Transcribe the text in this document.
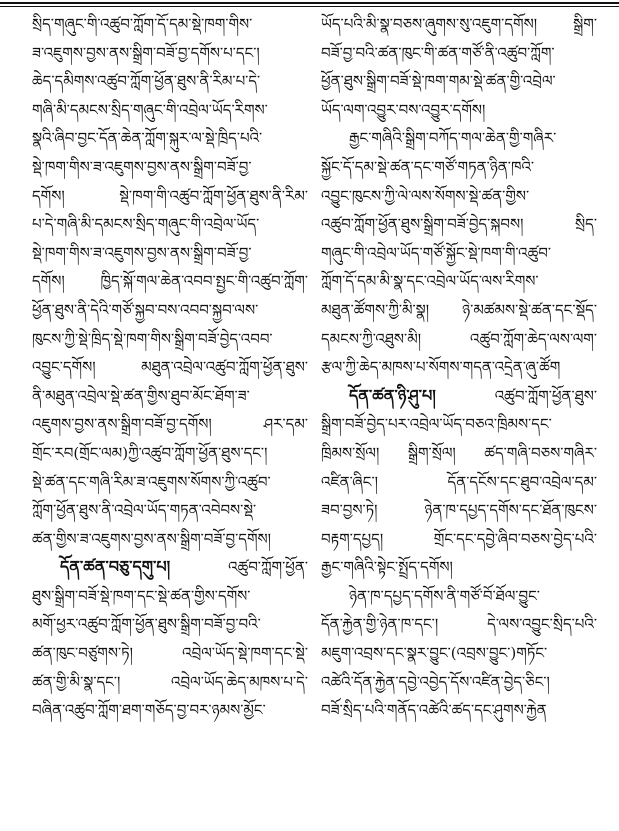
སྲིད་གཞུང་གི་འཚུབ་ཀློག་དོ་དམ་སྡེ་ཁག་གིས་
ཟ་འཇུགས་བྱས་ནས་སྒྲིག་བཟོ་བྱ་དགོས་པ་དང་།
ཆེད་དམིགས་འཚུབ་ཀློག་ཕྱོན་ཐུས་ནི་རིམ་པ་དེ་
གཞི་མི་དམངས་སྲིད་གཞུང་གི་འབྲེལ་ཡོད་རིགས་
སྣའི་ཞིབ་བྱང་དོན་ཆེན་ཀློག་སྐུར་ལ་སྡེ་ཁྲིད་པའི་
སྡེ་ཁག་གིས་ཟ་འཇུགས་བྱས་ནས་སྒྲིག་བཟོ་བྱ་
དགོས། སྡེ་ཁག་གི་འཚུབ་ཀློག་ཕྱོན་ཐུས་ནི་རིམ་
པ་དེ་གཞི་མི་དམངས་སྲིད་གཞུང་གི་འབྲེལ་ཡོད་
སྡེ་ཁག་གིས་ཟ་འཇུགས་བྱས་ནས་སྒྲིག་བཟོ་བྱ་
དགོས། ཁྱིད་སྐོ་གལ་ཆེན་འབབ་སྤྱང་གི་འཚུབ་ཀློག་
ཕྱོན་ཐུས་ནི་དེའི་གཙོ་སྐྱབ་བས་འབབ་སྐྱབ་ལས་
ཁུངས་ཀྱི་སྡེ་ཁྲིད་སྡེ་ཁག་གིས་སྒྲིག་བཟོ་བྱེད་འབབ་
འབྱུང་དགོས། མཐུན་འབྲེལ་འཚུབ་ཀློག་ཕྱོན་ཐུས་
ནི་མཐུན་འབྲེལ་སྡེ་ཚན་གྱིས་ཐུབ་མོང་ཐོག་ཟ་
འཇུགས་བྱས་ནས་སྒྲིག་བཟོ་བྱ་དགོས། ཤར་དམ་
གྲོང་རབ(གྲོང་ལམ)ཀྱི་འཚུབ་ཀློག་ཕྱོན་ཐུས་དང་།
སྡེ་ཚན་དང་གཞི་རིམ་ཟ་འཇུགས་སོགས་ཀྱི་འཚུབ་
ཀློག་ཕྱོན་ཐུས་ནི་འབྲེལ་ཡོད་གཏན་འབེབས་སྡེ་
ཚན་གྱིས་ཟ་འཇུགས་བྱས་ནས་སྒྲིག་བཟོ་བྱ་དགོས།
དོན་ཚན་བཅུ་དགུ་པ།	འཚུབ་ཀློག་ཕྱོན་
ཐུས་སྒྲིག་བཟོ་སྡེ་ཁག་དང་སྡེ་ཚན་གྱིས་དགོས་
མགོ་ཕྱར་འཚུབ་ཀློག་ཕྱོན་ཐུས་སྒྲིག་བཟོ་བྱ་བའི་
ཚན་ཁུང་བཙུགས་ཏེ། འབྲེལ་ཡོད་སྡེ་ཁག་དང་སྡེ་
ཚན་གྱི་མི་སྣ་དང་། འབྲེལ་ཡོད་ཆེད་མཁས་པ་དེ་
བཞིན་འཚུབ་ཀློག་ཐག་གཅོད་བྱ་བར་ཉམས་མྱོང་
ཡོད་པའི་མི་སྣ་བཅས་ཞུགས་སུ་འཇུག་དགོས། སྒྲིག་
བཟོ་བྱ་བའི་ཚན་ཁུང་གི་ཚན་གཙོ་ནི་འཚུབ་ཀློག་
ཕྱོན་ཐུས་སྒྲིག་བཟོ་སྡེ་ཁག་གམ་སྡེ་ཚན་གྱི་འབྲེལ་
ཡོད་ལག་འབྱུར་བས་འབྱུར་དགོས།
རྒྱང་གཞིའི་སྒྲིག་བཀོད་གལ་ཆེན་གྱི་གཞིར་
སྐྱོང་དོ་དམ་སྡེ་ཚན་དང་གཙོ་གཏན་ཉིན་ཁའི་
འབྱུང་ཁུངས་ཀྱི་ལེ་ལས་སོགས་སྡེ་ཚན་གྱིས་
འཚུབ་ཀློག་ཕྱོན་ཐུས་སྒྲིག་བཟོ་བྱེད་སྐབས། སྲིད་
གཞུང་གི་འབྲེལ་ཡོད་གཙོ་སྐྱོང་སྡེ་ཁག་གི་འཚུབ་
ཀློག་དོ་དམ་མི་སྣ་དང་འབྲེལ་ཡོད་ལས་རིགས་
མཐུན་ཚོགས་ཀྱི་མི་སྣ། ཉེ་མཚམས་སྡེ་ཚན་དང་སྡོད་
དམངས་ཀྱི་འཐུས་མི། འཚུབ་ཀློག་ཆེད་ལས་ལག་
རྩལ་ཀྱི་ཆེད་མཁས་པ་སོགས་གདན་འདྲེན་ཞུ་ཚོག
དོན་ཚན་ཉི་ཤུ་པ།	འཚུབ་ཀློག་ཕྱོན་ཐུས་
སྒྲིག་བཟོ་བྱེད་པར་འབྲེལ་ཡོད་བཅའ་ཁྲིམས་དང་
ཁྲིམས་སྲོལ། སྒྲིག་སྲོལ། ཚད་གཞི་བཅས་གཞིར་
འཛིན་ཞིང་། དོན་དངོས་དང་ཐུབ་འབྲེལ་དམ་
ཟབ་བྱས་ཏེ། ཉེན་ཁ་དཔྱད་དགོས་དང་ཐོན་ཁུངས་
བརྟག་དཔྱད། གྲོང་དང་དབྱེ་ཞིབ་བཅས་བྱེད་པའི་
རྒྱང་གཞིའི་སྟེང་སྤྲོད་དགོས།
ཉེན་ཁ་དཔྱད་དགོས་ནི་གཙོ་བོ་ཐོལ་བྱུང་
དོན་རྐྱེན་གྱི་ཉེན་ཁ་དང་། དེ་ལས་འབྱུང་སྲིད་པའི་
མཇུག་འབྲས་དང་སྣར་བྱུང་(འབྲས་བྱུང་)གཏོང་
འཚེའི་དོན་རྐྱེན་དབྱེ་འབྱེད་དོས་འཛིན་བྱེད་ཅིང་།
བཟོ་སྲིད་པའི་གནོད་འཚེའི་ཚད་དང་ཤུགས་རྐྱེན
